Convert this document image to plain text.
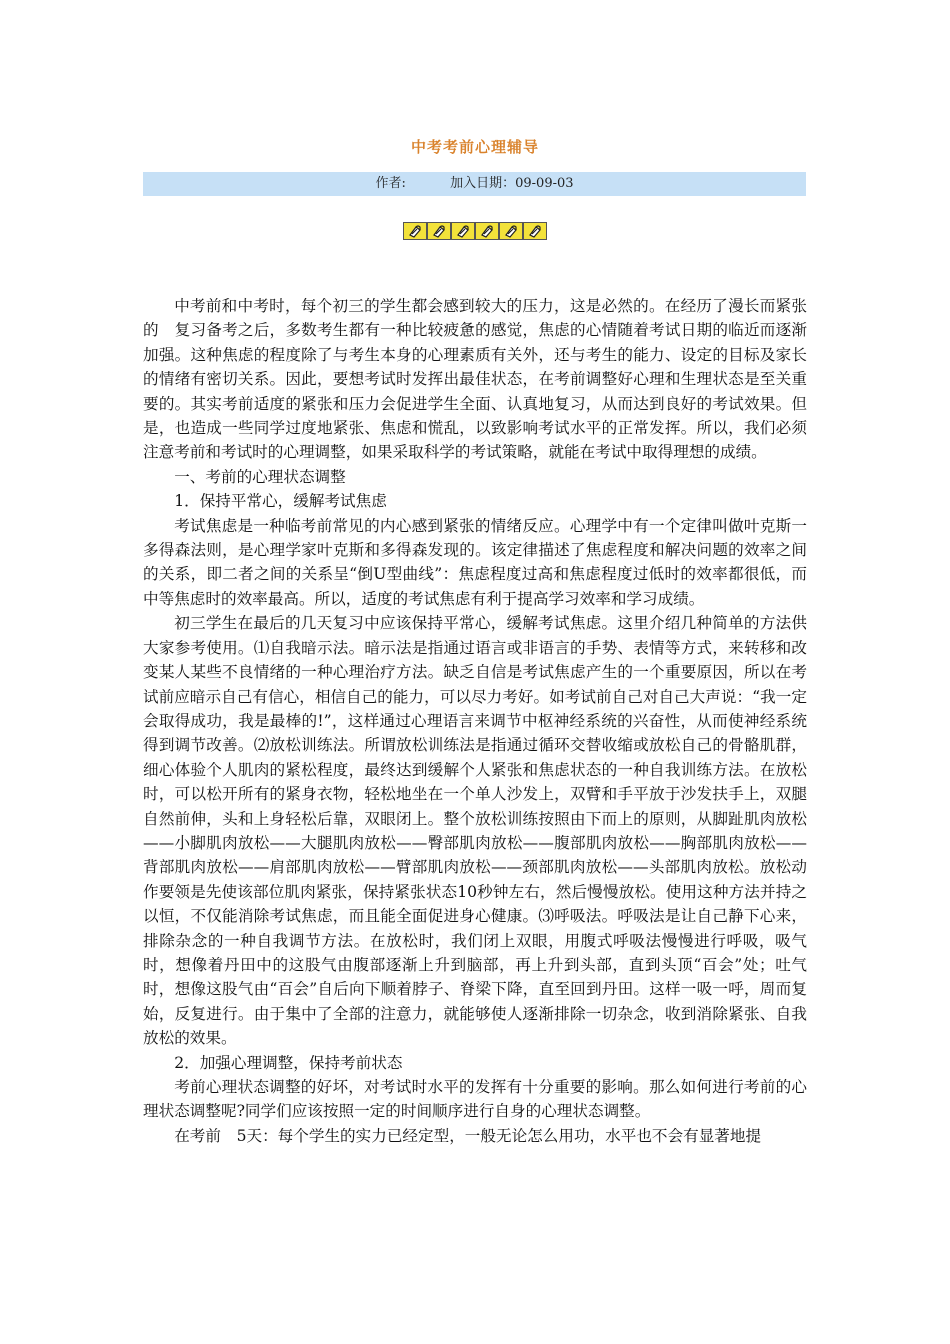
中考考前心理辅导
作者:	加入日期：09-09-03

中考前和中考时，每个初三的学生都会感到较大的压力，这是必然的。在经历了漫长而紧张的　复习备考之后，多数考生都有一种比较疲惫的感觉，焦虑的心情随着考试日期的临近而逐渐加强。这种焦虑的程度除了与考生本身的心理素质有关外，还与考生的能力、设定的目标及家长的情绪有密切关系。因此，要想考试时发挥出最佳状态，在考前调整好心理和生理状态是至关重要的。其实考前适度的紧张和压力会促进学生全面、认真地复习，从而达到良好的考试效果。但是，也造成一些同学过度地紧张、焦虑和慌乱，以致影响考试水平的正常发挥。所以，我们必须注意考前和考试时的心理调整，如果采取科学的考试策略，就能在考试中取得理想的成绩。

一、考前的心理状态调整

1．保持平常心，缓解考试焦虑

考试焦虑是一种临考前常见的内心感到紧张的情绪反应。心理学中有一个定律叫做叶克斯一多得森法则，是心理学家叶克斯和多得森发现的。该定律描述了焦虑程度和解决问题的效率之间的关系，即二者之间的关系呈“倒U型曲线”：焦虑程度过高和焦虑程度过低时的效率都很低，而中等焦虑时的效率最高。所以，适度的考试焦虑有利于提高学习效率和学习成绩。

初三学生在最后的几天复习中应该保持平常心，缓解考试焦虑。这里介绍几种简单的方法供大家参考使用。⑴自我暗示法。暗示法是指通过语言或非语言的手势、表情等方式，来转移和改变某人某些不良情绪的一种心理治疗方法。缺乏自信是考试焦虑产生的一个重要原因，所以在考试前应暗示自己有信心，相信自己的能力，可以尽力考好。如考试前自己对自己大声说：“我一定会取得成功，我是最棒的!”，这样通过心理语言来调节中枢神经系统的兴奋性，从而使神经系统得到调节改善。⑵放松训练法。所谓放松训练法是指通过循环交替收缩或放松自己的骨骼肌群，细心体验个人肌肉的紧松程度，最终达到缓解个人紧张和焦虑状态的一种自我训练方法。在放松时，可以松开所有的紧身衣物，轻松地坐在一个单人沙发上，双臂和手平放于沙发扶手上，双腿自然前伸，头和上身轻松后靠，双眼闭上。整个放松训练按照由下而上的原则，从脚趾肌肉放松——小脚肌肉放松——大腿肌肉放松——臀部肌肉放松——腹部肌肉放松——胸部肌肉放松——背部肌肉放松——肩部肌肉放松——臂部肌肉放松——颈部肌肉放松——头部肌肉放松。放松动作要领是先使该部位肌肉紧张，保持紧张状态10秒钟左右，然后慢慢放松。使用这种方法并持之以恒，不仅能消除考试焦虑，而且能全面促进身心健康。⑶呼吸法。呼吸法是让自己静下心来，排除杂念的一种自我调节方法。在放松时，我们闭上双眼，用腹式呼吸法慢慢进行呼吸，吸气时，想像着丹田中的这股气由腹部逐渐上升到脑部，再上升到头部，直到头顶“百会”处；吐气时，想像这股气由“百会”自后向下顺着脖子、脊梁下降，直至回到丹田。这样一吸一呼，周而复始，反复进行。由于集中了全部的注意力，就能够使人逐渐排除一切杂念，收到消除紧张、自我放松的效果。

2．加强心理调整，保持考前状态

考前心理状态调整的好坏，对考试时水平的发挥有十分重要的影响。那么如何进行考前的心理状态调整呢?同学们应该按照一定的时间顺序进行自身的心理状态调整。

在考前　5天：每个学生的实力已经定型，一般无论怎么用功，水平也不会有显著地提
